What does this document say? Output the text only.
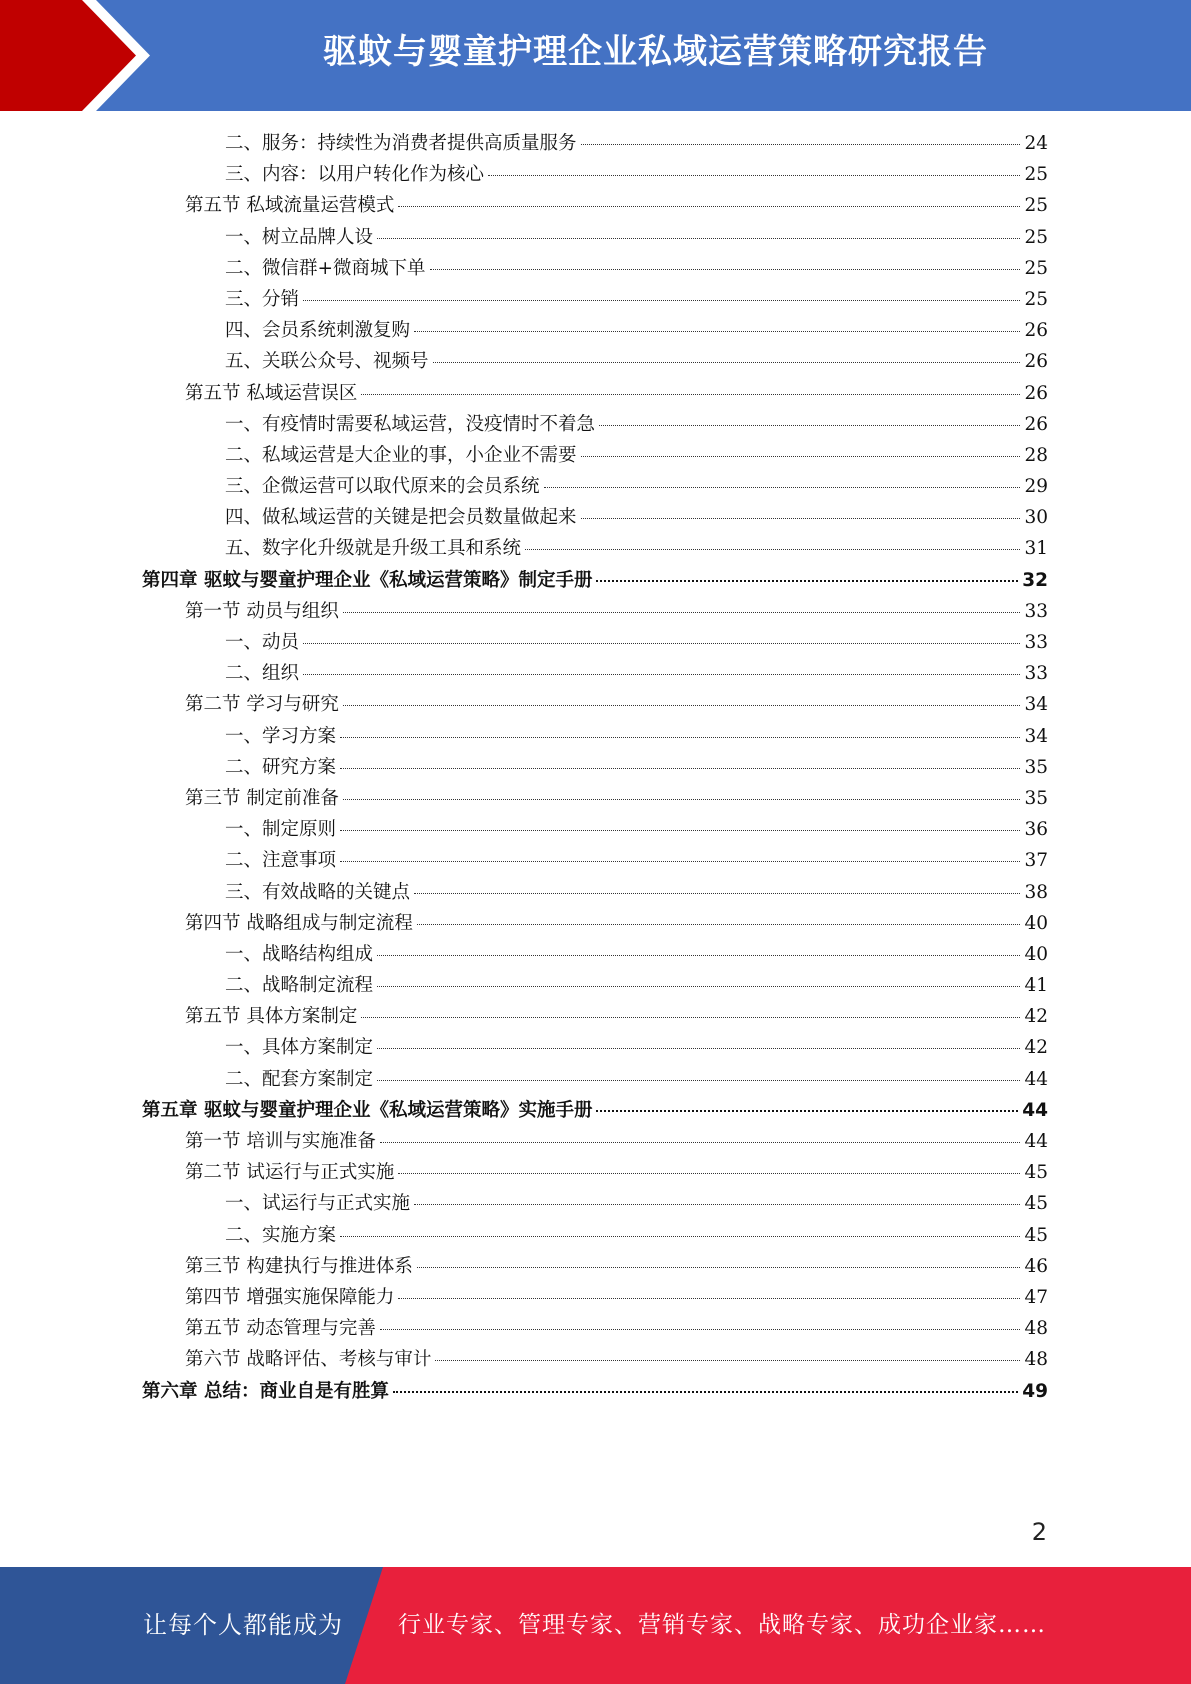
驱蚊与婴童护理企业私域运营策略研究报告
二、服务：持续性为消费者提供高质量服务	24
三、内容：以用户转化作为核心	25
第五节 私域流量运营模式	25
一、树立品牌人设	25
二、微信群+微商城下单	25
三、分销	25
四、会员系统刺激复购	26
五、关联公众号、视频号	26
第五节 私域运营误区	26
一、有疫情时需要私域运营，没疫情时不着急	26
二、私域运营是大企业的事，小企业不需要	28
三、企微运营可以取代原来的会员系统	29
四、做私域运营的关键是把会员数量做起来	30
五、数字化升级就是升级工具和系统	31
第四章 驱蚊与婴童护理企业《私域运营策略》制定手册	32
第一节 动员与组织	33
一、动员	33
二、组织	33
第二节 学习与研究	34
一、学习方案	34
二、研究方案	35
第三节 制定前准备	35
一、制定原则	36
二、注意事项	37
三、有效战略的关键点	38
第四节 战略组成与制定流程	40
一、战略结构组成	40
二、战略制定流程	41
第五节 具体方案制定	42
一、具体方案制定	42
二、配套方案制定	44
第五章 驱蚊与婴童护理企业《私域运营策略》实施手册	44
第一节 培训与实施准备	44
第二节 试运行与正式实施	45
一、试运行与正式实施	45
二、实施方案	45
第三节 构建执行与推进体系	46
第四节 增强实施保障能力	47
第五节 动态管理与完善	48
第六节 战略评估、考核与审计	48
第六章 总结：商业自是有胜算	49
2
让每个人都能成为 行业专家、管理专家、营销专家、战略专家、成功企业家……
